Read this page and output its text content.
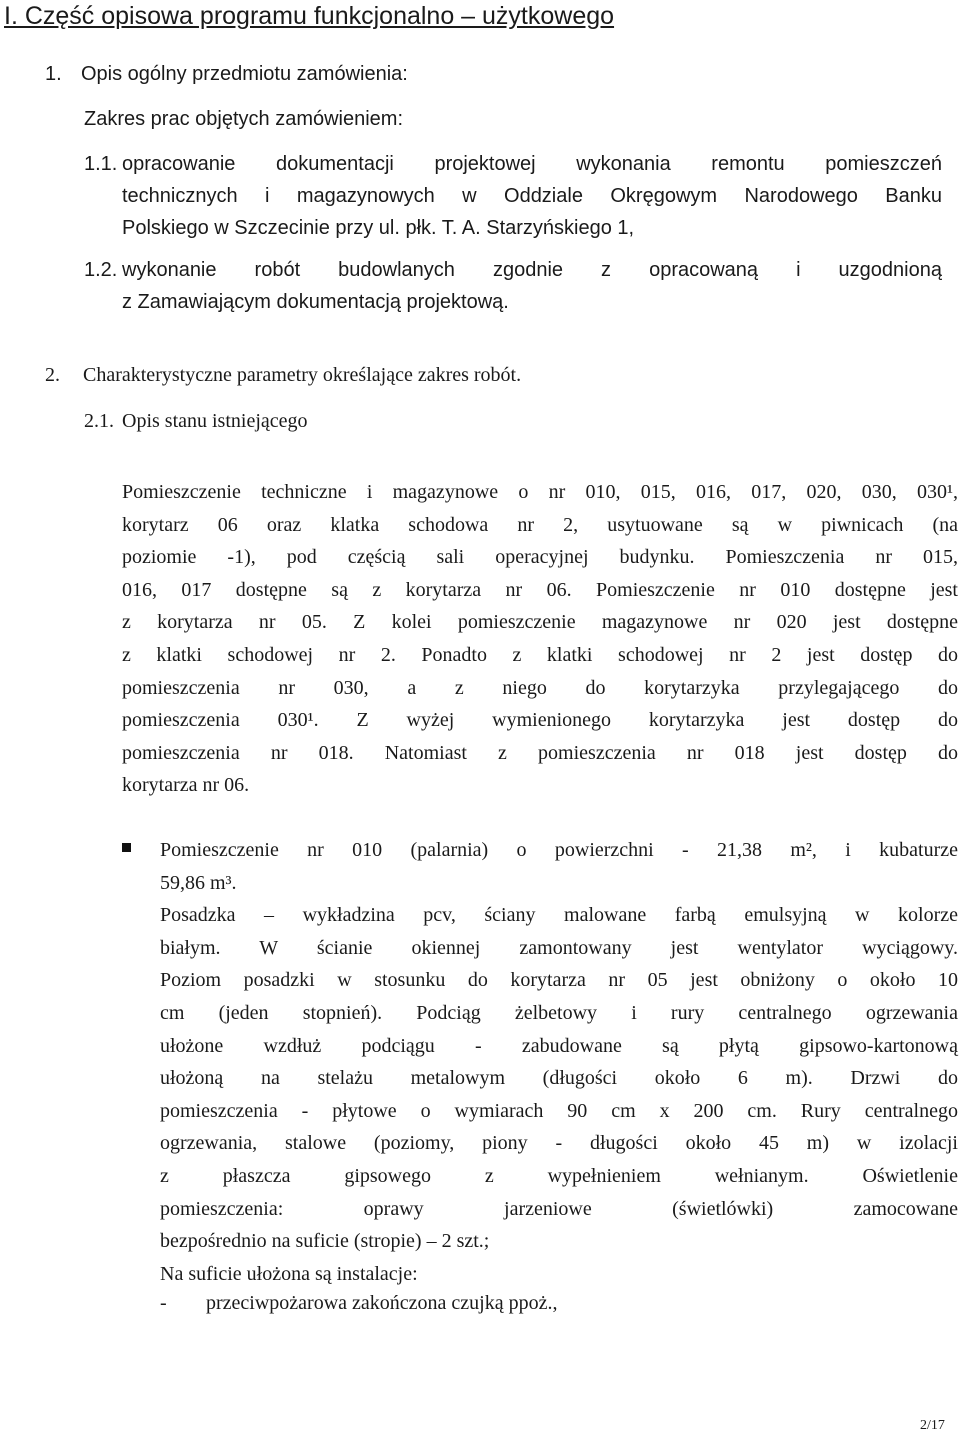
I. Część opisowa programu funkcjonalno – użytkowego
1. Opis ogólny przedmiotu zamówienia:
Zakres prac objętych zamówieniem:
1.1. opracowanie dokumentacji projektowej wykonania remontu pomieszczeń
technicznych i magazynowych w Oddziale Okręgowym Narodowego Banku
Polskiego w Szczecinie przy ul. płk. T. A. Starzyńskiego 1,
1.2. wykonanie robót budowlanych zgodnie z opracowaną i uzgodnioną
z Zamawiającym dokumentacją projektową.
2. Charakterystyczne parametry określające zakres robót.
2.1. Opis stanu istniejącego
Pomieszczenie techniczne i magazynowe o nr 010, 015, 016, 017, 020, 030, 030¹,
korytarz 06 oraz klatka schodowa nr 2, usytuowane są w piwnicach (na
poziomie -1), pod częścią sali operacyjnej budynku. Pomieszczenia nr 015,
016, 017 dostępne są z korytarza nr 06. Pomieszczenie nr 010 dostępne jest
z korytarza nr 05. Z kolei pomieszczenie magazynowe nr 020 jest dostępne
z klatki schodowej nr 2. Ponadto z klatki schodowej nr 2 jest dostęp do
pomieszczenia nr 030, a z niego do korytarzyka przylegającego do
pomieszczenia 030¹. Z wyżej wymienionego korytarzyka jest dostęp do
pomieszczenia nr 018. Natomiast z pomieszczenia nr 018 jest dostęp do
korytarza nr 06.
Pomieszczenie nr 010 (palarnia) o powierzchni - 21,38 m², i kubaturze
59,86 m³.
Posadzka – wykładzina pcv, ściany malowane farbą emulsyjną w kolorze
białym. W ścianie okiennej zamontowany jest wentylator wyciągowy.
Poziom posadzki w stosunku do korytarza nr 05 jest obniżony o około 10
cm (jeden stopnień). Podciąg żelbetowy i rury centralnego ogrzewania
ułożone wzdłuż podciągu - zabudowane są płytą gipsowo-kartonową
ułożoną na stelażu metalowym (długości około 6 m). Drzwi do
pomieszczenia - płytowe o wymiarach 90 cm x 200 cm. Rury centralnego
ogrzewania, stalowe (poziomy, piony - długości około 45 m) w izolacji
z płaszcza gipsowego z wypełnieniem wełnianym. Oświetlenie
pomieszczenia: oprawy jarzeniowe (świetlówki) zamocowane
bezpośrednio na suficie (stropie) – 2 szt.;
Na suficie ułożona są instalacje:
- przeciwpożarowa zakończona czujką ppoż.,
2/17
